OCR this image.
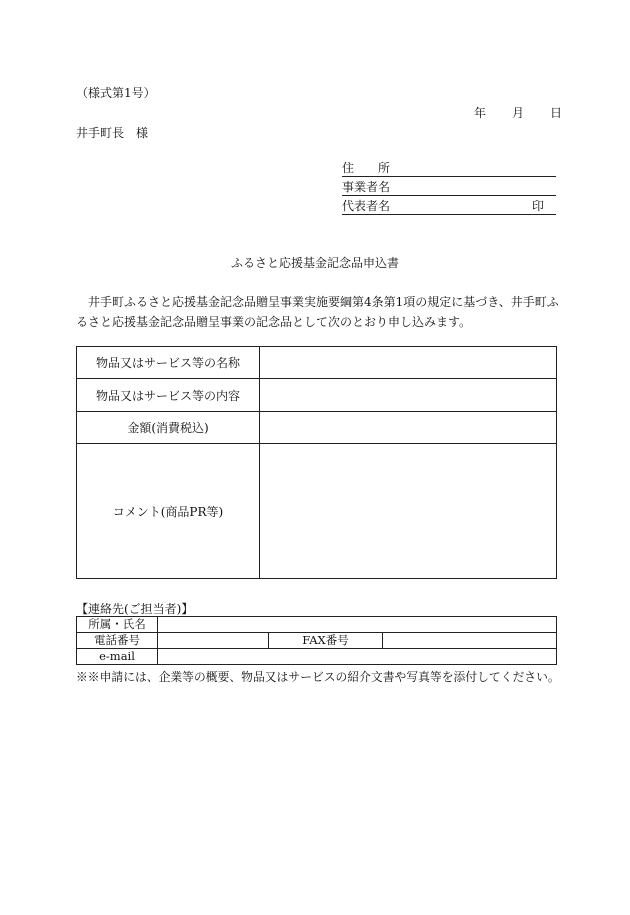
（様式第1号）
年 月 日
井手町長　様
住　　所
事業者名
代表者名	印
ふるさと応援基金記念品申込書
井手町ふるさと応援基金記念品贈呈事業実施要綱第4条第1項の規定に基づき、井手町ふるさと応援基金記念品贈呈事業の記念品として次のとおり申し込みます。
物品又はサービス等の名称	
物品又はサービス等の内容	
金額(消費税込)	
コメント(商品PR等)	
【連絡先(ご担当者)】
所属・氏名			
電話番号		FAX番号	
e-mail			
※※申請には、企業等の概要、物品又はサービスの紹介文書や写真等を添付してください。
